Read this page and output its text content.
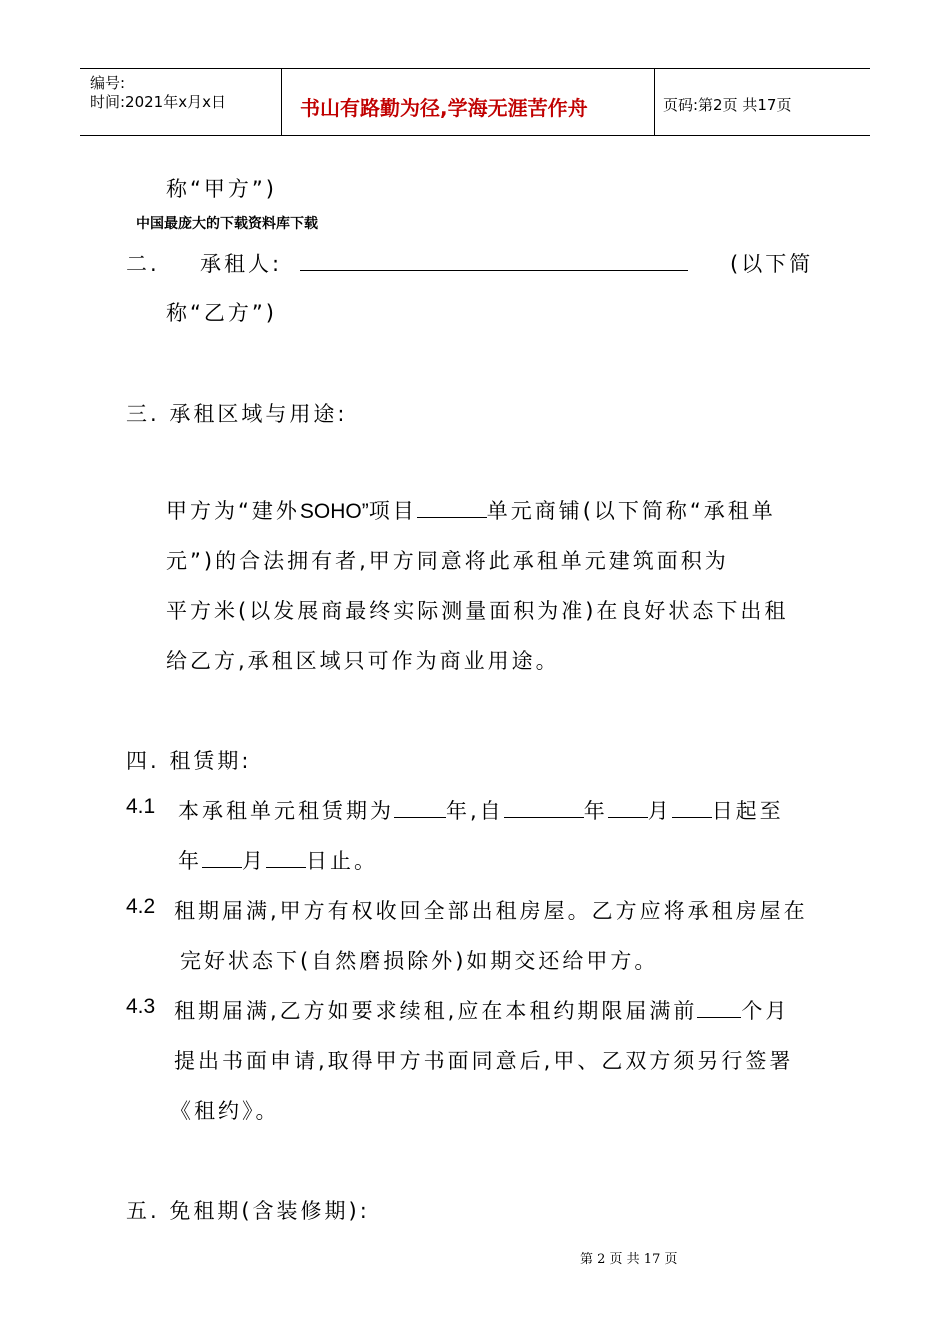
编号:
时间:2021年x月x日	书山有路勤为径,学海无涯苦作舟	页码:第2页 共17页
称“甲方”)
中国最庞大的下载资料库下载
二. 承租人:	(以下简
称“乙方”)
三. 承租区域与用途:
甲方为“建外SOHO”项目	单元商铺(以下简称“承租单
元”)的合法拥有者,甲方同意将此承租单元建筑面积为
平方米(以发展商最终实际测量面积为准)在良好状态下出租
给乙方,承租区域只可作为商业用途。
四. 租赁期:
4.1 本承租单元租赁期为 年,自	年 月 日起至
年 月 日止。
4.2 租期届满,甲方有权收回全部出租房屋。乙方应将承租房屋在
完好状态下(自然磨损除外)如期交还给甲方。
4.3 租期届满,乙方如要求续租,应在本租约期限届满前 个月
提出书面申请,取得甲方书面同意后,甲、乙双方须另行签署
《租约》。
五. 免租期(含装修期):
第 2 页 共 17 页
